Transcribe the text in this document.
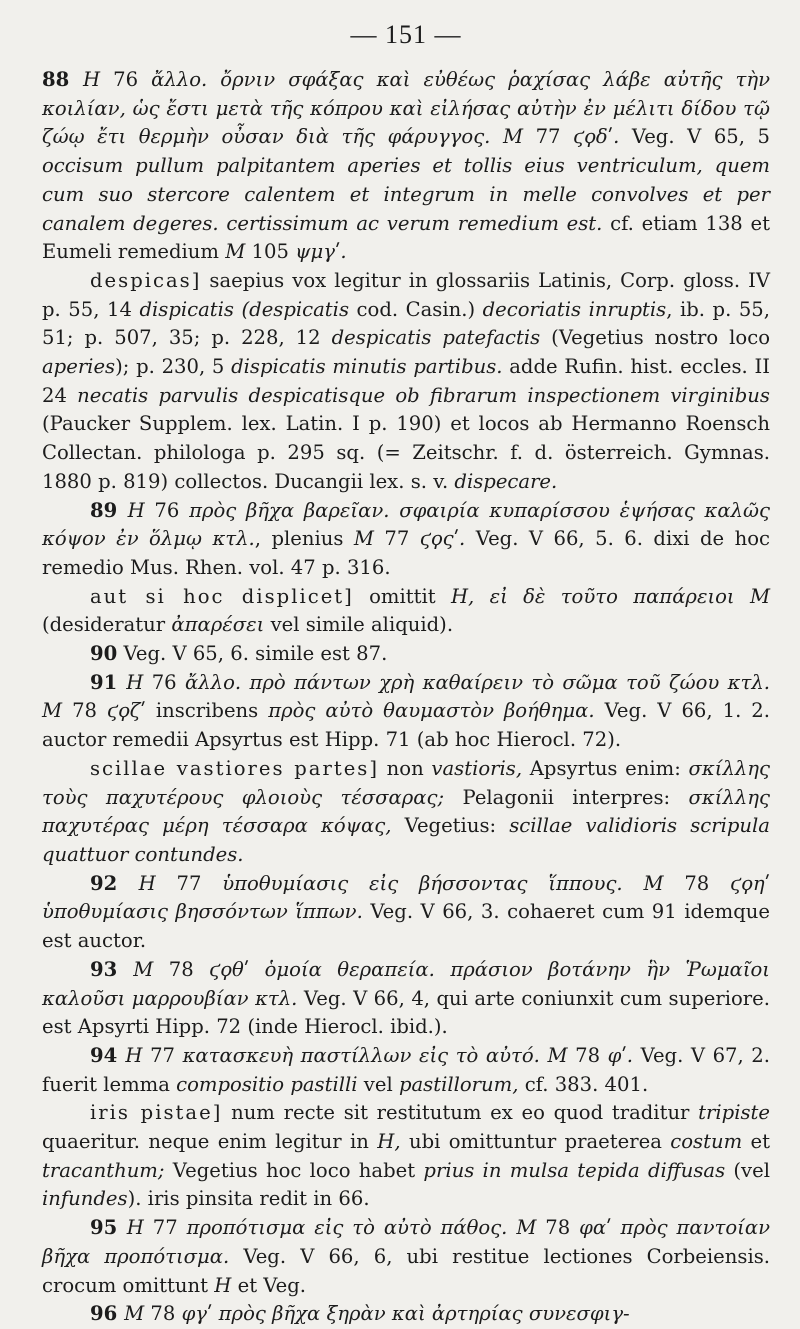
— 151 —

88 H 76 ἄλλο. ὄρνιν σφάξας καὶ εὐθέως ῥαχίσας λάβε αὐτῆς τὴν κοιλίαν, ὡς ἔστι μετὰ τῆς κόπρου καὶ εἰλήσας αὐτὴν ἐν μέλιτι δίδου τῷ ζώῳ ἔτι θερμὴν οὖσαν διὰ τῆς φάρυγγος. M 77 ϛϙδʹ. Veg. V 65, 5 occisum pullum palpitantem aperies et tollis eius ventriculum, quem cum suo stercore calentem et integrum in melle convolves et per canalem degeres. certissimum ac verum remedium est. cf. etiam 138 et Eumeli remedium M 105 ψμγʹ.

despicas] saepius vox legitur in glossariis Latinis, Corp. gloss. IV p. 55, 14 dispicatis (despicatis cod. Casin.) decoriatis inruptis, ib. p. 55, 51; p. 507, 35; p. 228, 12 despicatis patefactis (Vegetius nostro loco aperies); p. 230, 5 dispicatis minutis partibus. adde Rufin. hist. eccles. II 24 necatis parvulis despicatisque ob fibrarum inspectionem virginibus (Paucker Supplem. lex. Latin. I p. 190) et locos ab Hermanno Roensch Collectan. philologa p. 295 sq. (= Zeitschr. f. d. österreich. Gymnas. 1880 p. 819) collectos. Ducangii lex. s. v. dispecare.

89 H 76 πρὸς βῆχα βαρεῖαν. σφαιρία κυπαρίσσου ἑψήσας καλῶς κόψον ἐν ὅλμῳ κτλ., plenius M 77 ϛϙςʹ. Veg. V 66, 5. 6. dixi de hoc remedio Mus. Rhen. vol. 47 p. 316.

aut si hoc displicet] omittit H, εἰ δὲ τοῦτο παπάρειοι M (desideratur ἀπαρέσει vel simile aliquid).

90 Veg. V 65, 6. simile est 87.

91 H 76 ἄλλο. πρὸ πάντων χρὴ καθαίρειν τὸ σῶμα τοῦ ζώου κτλ. M 78 ϛϙζʹ inscribens πρὸς αὐτὸ θαυμαστὸν βοήθημα. Veg. V 66, 1. 2. auctor remedii Apsyrtus est Hipp. 71 (ab hoc Hierocl. 72).

scillae vastiores partes] non vastioris, Apsyrtus enim: σκίλλης τοὺς παχυτέρους φλοιοὺς τέσσαρας; Pelagonii interpres: σκίλλης παχυτέρας μέρη τέσσαρα κόψας, Vegetius: scillae validioris scripula quattuor contundes.

92 H 77 ὑποθυμίασις εἰς βήσσοντας ἵππους. M 78 ϛϙηʹ ὑποθυμίασις βησσόντων ἵππων. Veg. V 66, 3. cohaeret cum 91 idemque est auctor.

93 M 78 ϛϙθʹ ὁμοία θεραπεία. πράσιον βοτάνην ἣν Ῥωμαῖοι καλοῦσι μαρρουβίαν κτλ. Veg. V 66, 4, qui arte coniunxit cum superiore. est Apsyrti Hipp. 72 (inde Hierocl. ibid.).

94 H 77 κατασκευὴ παστίλλων εἰς τὸ αὐτό. M 78 φʹ. Veg. V 67, 2. fuerit lemma compositio pastilli vel pastillorum, cf. 383. 401.

iris pistae] num recte sit restitutum ex eo quod traditur tripiste quaeritur. neque enim legitur in H, ubi omittuntur praeterea costum et tracanthum; Vegetius hoc loco habet prius in mulsa tepida diffusas (vel infundes). iris pinsita redit in 66.

95 H 77 προπότισμα εἰς τὸ αὐτὸ πάθος. M 78 φαʹ πρὸς παντοίαν βῆχα προπότισμα. Veg. V 66, 6, ubi restitue lectiones Corbeiensis. crocum omittunt H et Veg.

96 M 78 φγʹ πρὸς βῆχα ξηρὰν καὶ ἀρτηρίας συνεσφιγ-
